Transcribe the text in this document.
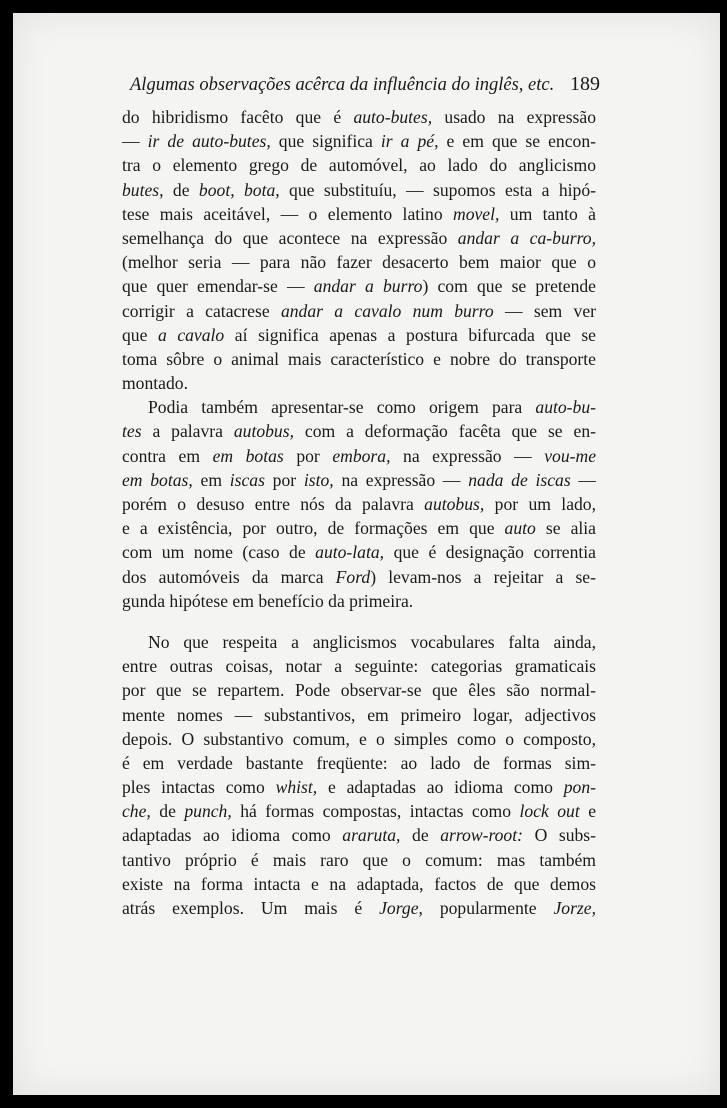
Algumas observações acêrca da influência do inglês, etc. 189
do hibridismo facêto que é auto-butes, usado na expressão
— ir de auto-butes, que significa ir a pé, e em que se encon-
tra o elemento grego de automóvel, ao lado do anglicismo
butes, de boot, bota, que substituíu, — supomos esta a hipó-
tese mais aceitável, — o elemento latino movel, um tanto à
semelhança do que acontece na expressão andar a ca-burro,
(melhor seria — para não fazer desacerto bem maior que o
que quer emendar-se — andar a burro) com que se pretende
corrigir a catacrese andar a cavalo num burro — sem ver
que a cavalo aí significa apenas a postura bifurcada que se
toma sôbre o animal mais característico e nobre do transporte
montado.
Podia também apresentar-se como origem para auto-bu-
tes a palavra autobus, com a deformação facêta que se en-
contra em em botas por embora, na expressão — vou-me
em botas, em iscas por isto, na expressão — nada de iscas —
porém o desuso entre nós da palavra autobus, por um lado,
e a existência, por outro, de formações em que auto se alia
com um nome (caso de auto-lata, que é designação correntia
dos automóveis da marca Ford) levam-nos a rejeitar a se-
gunda hipótese em benefício da primeira.
No que respeita a anglicismos vocabulares falta ainda,
entre outras coisas, notar a seguinte: categorias gramaticais
por que se repartem. Pode observar-se que êles são normal-
mente nomes — substantivos, em primeiro logar, adjectivos
depois. O substantivo comum, e o simples como o composto,
é em verdade bastante freqüente: ao lado de formas sim-
ples intactas como whist, e adaptadas ao idioma como pon-
che, de punch, há formas compostas, intactas como lock out e
adaptadas ao idioma como araruta, de arrow-root: O subs-
tantivo próprio é mais raro que o comum: mas também
existe na forma intacta e na adaptada, factos de que demos
atrás exemplos. Um mais é Jorge, popularmente Jorze,
